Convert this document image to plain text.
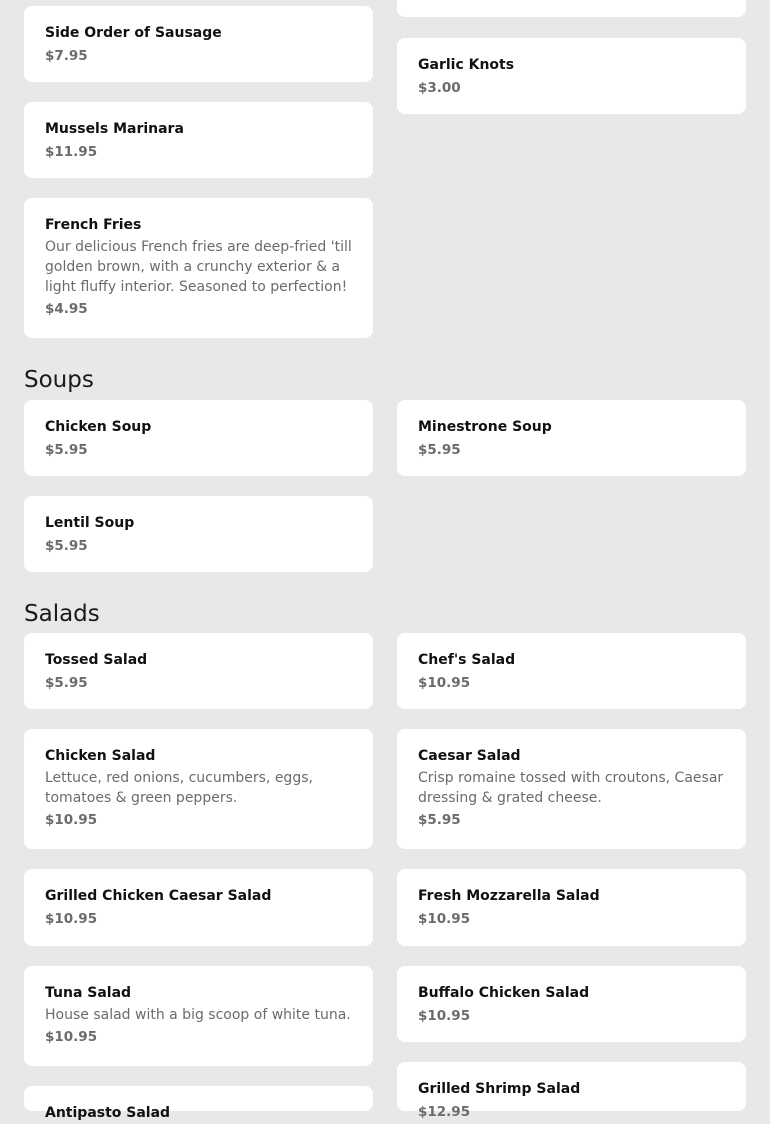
Side Order of Sausage
$7.95
Garlic Knots
$3.00
Mussels Marinara
$11.95
French Fries
Our delicious French fries are deep-fried 'till golden brown, with a crunchy exterior & a light fluffy interior. Seasoned to perfection!
$4.95
Soups
Chicken Soup
$5.95
Minestrone Soup
$5.95
Lentil Soup
$5.95
Salads
Tossed Salad
$5.95
Chef's Salad
$10.95
Chicken Salad
Lettuce, red onions, cucumbers, eggs, tomatoes & green peppers.
$10.95
Caesar Salad
Crisp romaine tossed with croutons, Caesar dressing & grated cheese.
$5.95
Grilled Chicken Caesar Salad
$10.95
Fresh Mozzarella Salad
$10.95
Tuna Salad
House salad with a big scoop of white tuna.
$10.95
Buffalo Chicken Salad
$10.95
Antipasto Salad
Grilled Shrimp Salad
$12.95
